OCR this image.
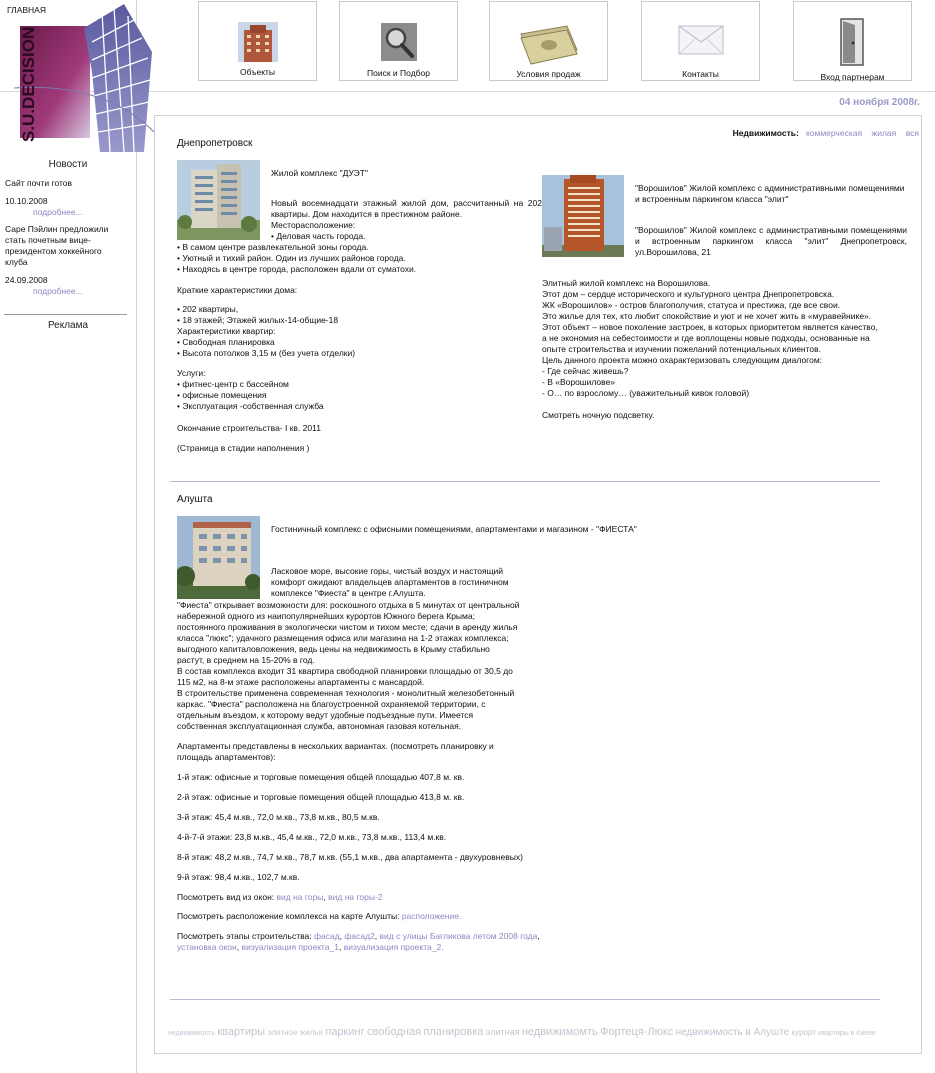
ГЛАВНАЯ
S.U.DECISION
Новости
Сайт почти готов
10.10.2008
подробнее...
Саре Пэйлин предложили стать почетным вице-президентом хоккейного клуба
24.09.2008
подробнее...
Реклама
Объекты	Поиск и Подбор	Условия продаж	Контакты	Вход партнерам
04 ноября 2008г.
Недвижимость: коммерческая жилая вся
Днепропетровск
Жилой комплекс "ДУЭТ"
Новый восемнадцати этажный жилой дом, рассчитанный на 202 квартиры. Дом находится в престижном районе.
Месторасположение:
• Деловая часть города.
• В самом центре развлекательной зоны города.
• Уютный и тихий район. Один из лучших районов города.
• Находясь в центре города, расположен вдали от суматохи.
Краткие характеристики дома:
• 202 квартиры,
• 18 этажей; Этажей жилых-14-общие-18
Характеристики квартир:
• Свободная планировка
• Высота потолков 3,15 м (без учета отделки)
Услуги:
• фитнес-центр с бассейном
• офисные помещения
• Эксплуатация -собственная служба
Окончание строительства- I кв. 2011
(Страница в стадии наполнения )
"Ворошилов" Жилой комплекс с административными помещениями и встроенным паркингом класса "элит"
"Ворошилов" Жилой комплекс с административными помещениями и встроенным паркингом класса "элит" Днепропетровск, ул.Ворошилова, 21
Элитный жилой комплекс на Ворошилова.
Этот дом – сердце исторического и культурного центра Днепропетровска.
ЖК «Ворошилов» - остров благополучия, статуса и престижа, где все свои.
Это жилье для тех, кто любит спокойствие и уют и не хочет жить в «муравейнике».
Этот объект – новое поколение застроек, в которых приоритетом является качество,
а не экономия на себестоимости и где воплощены новые подходы, основанные на
опыте строительства и изучении пожеланий потенциальных клиентов.
Цель данного проекта можно охарактеризовать следующим диалогом:
- Где сейчас живешь?
- В «Ворошилове»
- О… по взрослому… (уважительный кивок головой)
Смотреть ночную подсветку.
Алушта
Гостиничный комплекс с офисными помещениями, апартаментами и магазином - "ФИЕСТА"
Ласковое море, высокие горы, чистый воздух и настоящий
комфорт ожидают владельцев апартаментов в гостиничном
комплексе "Фиеста" в центре г.Алушта.
"Фиеста" открывает возможности для: роскошного отдыха в 5 минутах от центральной
набережной одного из наипопулярнейших курортов Южного берега Крыма;
постоянного проживания в экологически чистом и тихом месте; сдачи в аренду жилья
класса "люкс"; удачного размещения офиса или магазина на 1-2 этажах комплекса;
выгодного капиталовложения, ведь цены на недвижимость в Крыму стабильно
растут, в среднем на 15-20% в год.
В состав комплекса входит 31 квартира свободной планировки площадью от 30,5 до
115 м2, на 8-м этаже расположены апартаменты с мансардой.
В строительстве применена современная технология - монолитный железобетонный
каркас. "Фиеста" расположена на благоустроенной охраняемой территории, с
отдельным въездом, к которому ведут удобные подъездные пути. Имеется
собственная эксплуатационная служба, автономная газовая котельная.
Апартаменты представлены в нескольких вариантах. (посмотреть планировку и
площадь апартаментов):
1-й этаж: офисные и торговые помещения общей площадью 407,8 м. кв.
2-й этаж: офисные и торговые помещения общей площадью 413,8 м. кв.
3-й этаж: 45,4 м.кв., 72,0 м.кв., 73,8 м.кв., 80,5 м.кв.
4-й-7-й этажи: 23,8 м.кв., 45,4 м.кв., 72,0 м.кв., 73,8 м.кв., 113,4 м.кв.
8-й этаж: 48,2 м.кв., 74,7 м.кв., 78,7 м.кв. (55,1 м.кв., два апартамента - двухуровневых)
9-й этаж: 98,4 м.кв., 102,7 м.кв.
Посмотреть вид из окон: вид на горы, вид на горы-2
Посмотреть расположение комплекса на карте Алушты: расположение.
Посмотреть этапы строительства: фасад, фасад2, вид с улицы Багликова летом 2008 года, установка окон, визуализация проекта_1, визуализация проекта_2.
недвижимость квартиры элитное жилье паркинг свободная планировка элитная недвижимомть Фортеця-Люкс недвижимость в Алуште курорт квартиры в Киеве
